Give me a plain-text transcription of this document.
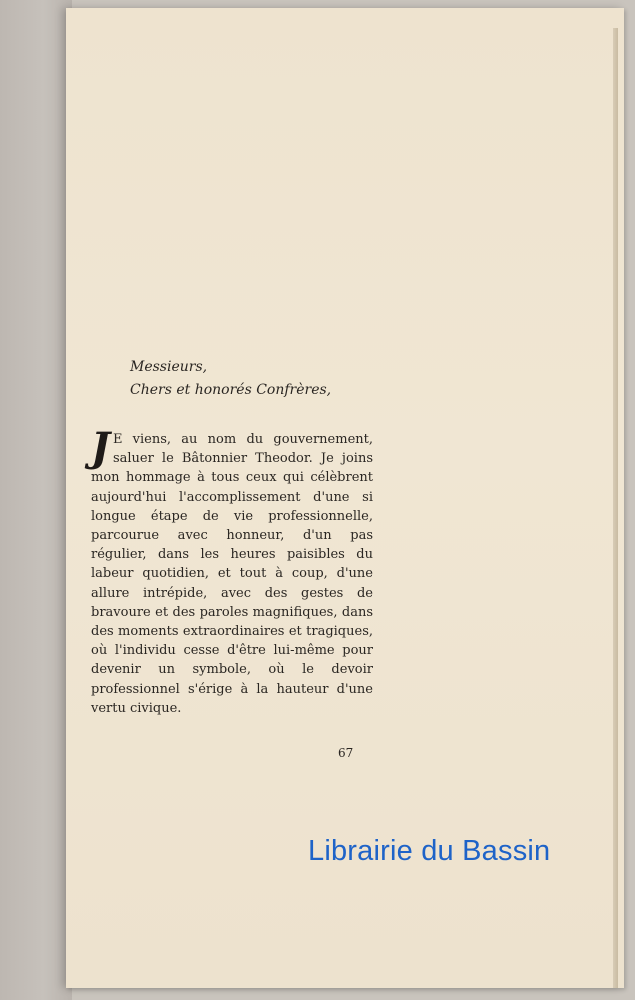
Messieurs,
Chers et honorés Confrères,
J E viens, au nom du gouvernement, saluer le Bâtonnier Theodor. Je joins mon hommage à tous ceux qui célèbrent aujourd'hui l'accomplissement d'une si longue étape de vie professionnelle, parcourue avec honneur, d'un pas régulier, dans les heures paisibles du labeur quotidien, et tout à coup, d'une allure intrépide, avec des gestes de bravoure et des paroles magnifiques, dans des moments extraordinaires et tragiques, où l'individu cesse d'être lui-même pour devenir un symbole, où le devoir professionnel s'érige à la hauteur d'une vertu civique.
67
Librairie du Bassin
